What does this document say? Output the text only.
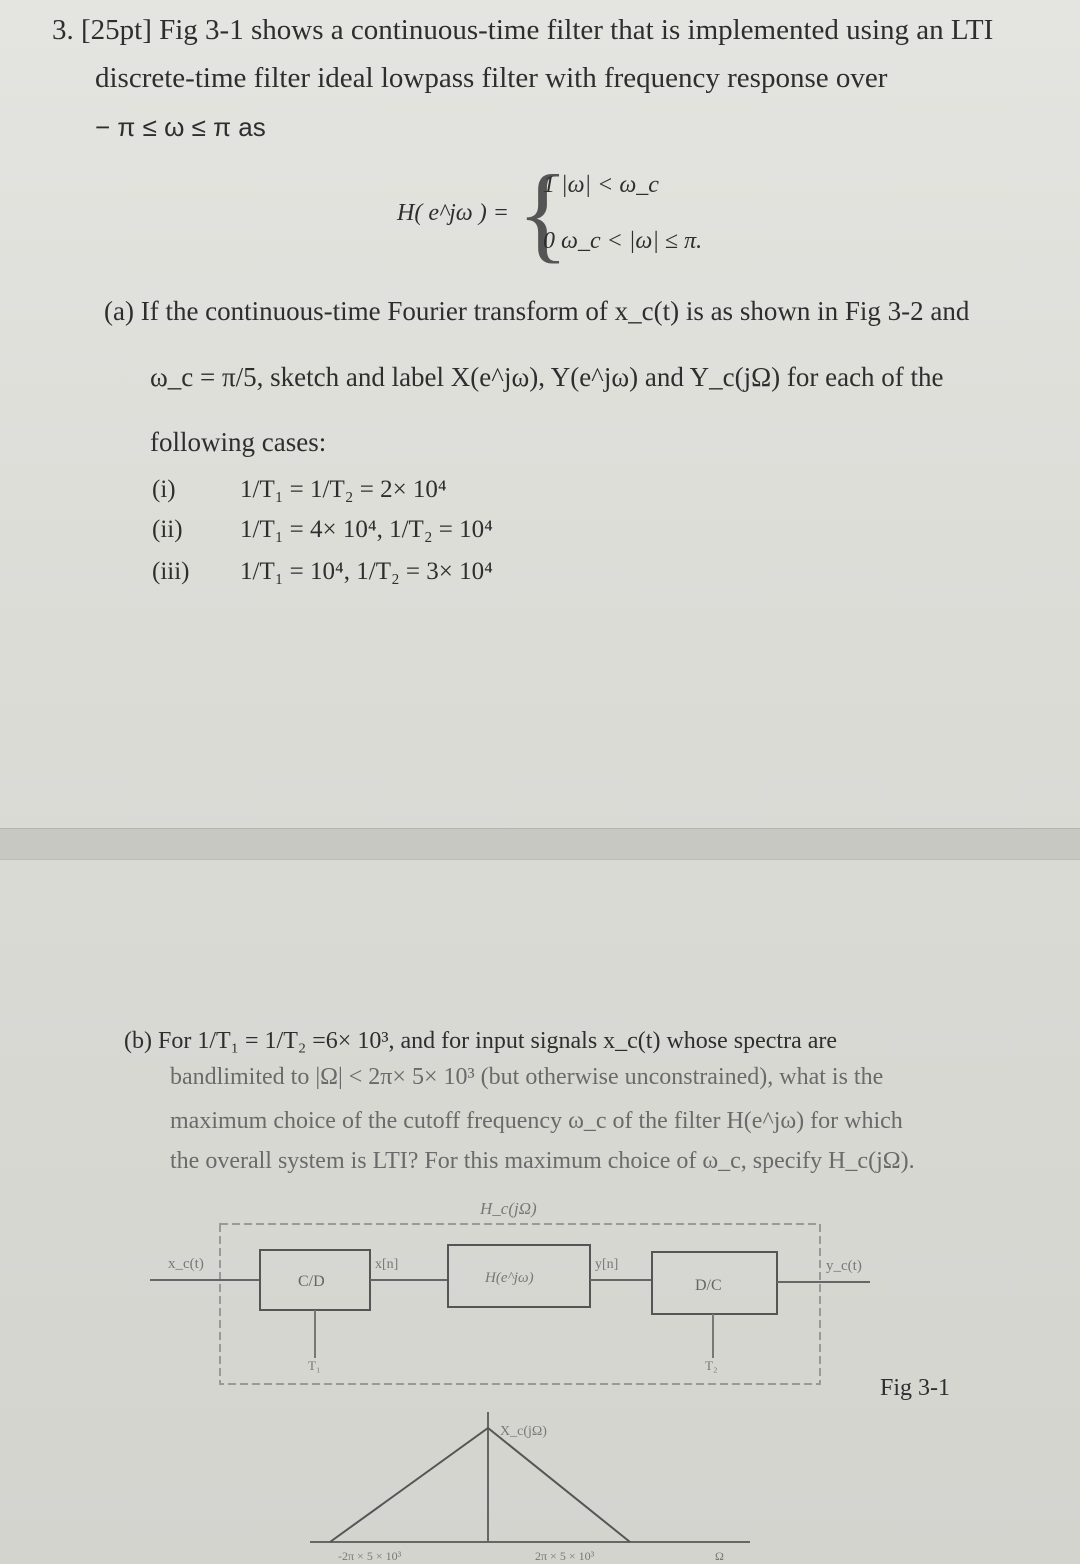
3. [25pt] Fig 3-1 shows a continuous-time filter that is implemented using an LTI
discrete-time filter ideal lowpass filter with frequency response over
− π ≤ ω ≤ π as
H( e^jω ) = {
1 |ω| < ω_c
0 ω_c < |ω| ≤ π.
(a) If the continuous-time Fourier transform of x_c(t) is as shown in Fig 3-2 and
ω_c = π/5, sketch and label X(e^jω), Y(e^jω) and Y_c(jΩ) for each of the
following cases:
(i)	1/T₁ = 1/T₂ = 2× 10⁴
(ii) 1/T₁ = 4× 10⁴, 1/T₂ = 10⁴
(iii) 1/T₁ = 10⁴, 1/T₂ = 3× 10⁴
(b) For 1/T₁ = 1/T₂ =6× 10³, and for input signals x_c(t) whose spectra are
bandlimited to |Ω| < 2π× 5× 10³ (but otherwise unconstrained), what is the
maximum choice of the cutoff frequency ω_c of the filter H(e^jω) for which
the overall system is LTI? For this maximum choice of ω_c, specify H_c(jΩ).
H_c(jΩ)
x_c(t)
C/D
x[n]
H(e^jω)
y[n]
D/C
y_c(t)
T₁	T₂
X_c(jΩ)
-2π × 5 × 10³	2π × 5 × 10³	Ω
Fig 3-1
